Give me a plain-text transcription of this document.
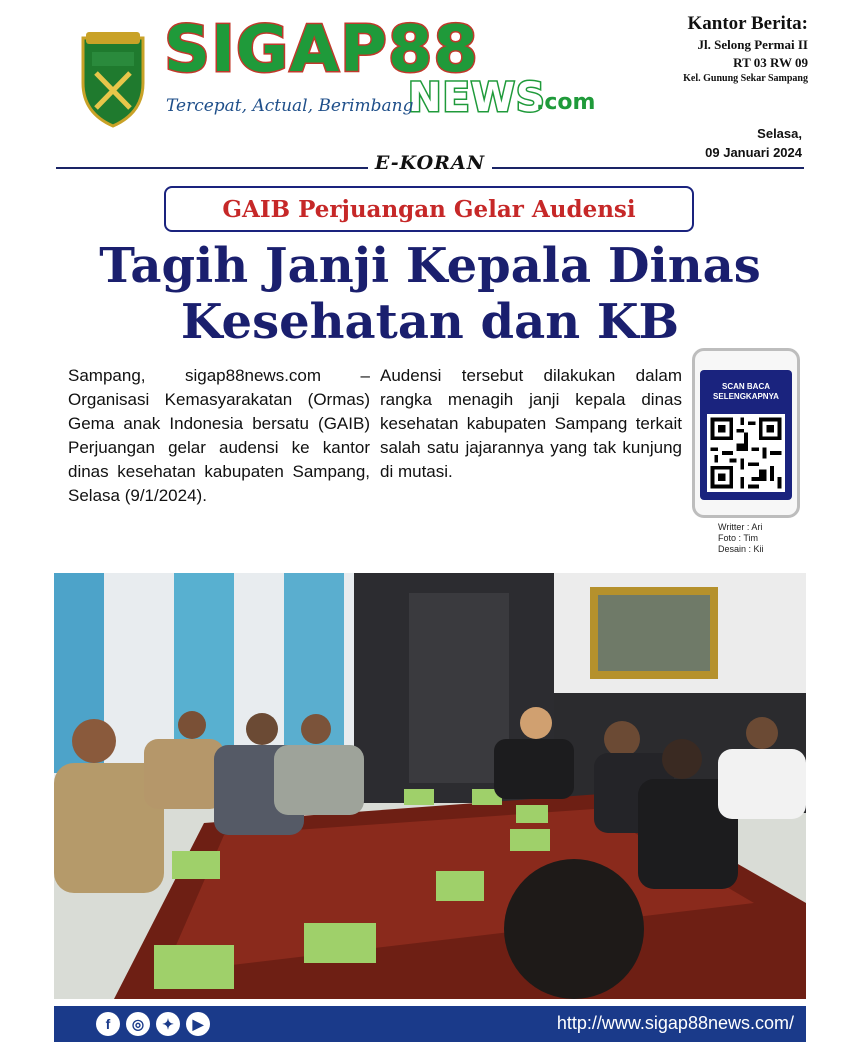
SIGAP88
NEWS
.com
Tercepat, Actual, Berimbang
Kantor Berita:
Jl. Selong Permai II
RT 03 RW 09
Kel. Gunung Sekar Sampang
Selasa,
09 Januari 2024
E-KORAN
GAIB Perjuangan Gelar Audensi
Tagih Janji Kepala Dinas
Kesehatan dan KB
Sampang, sigap88news.com – Organisasi Kemasyarakatan (Ormas) Gema anak Indonesia bersatu (GAIB) Perjuangan gelar audensi ke kantor dinas kesehatan kabupaten Sampang, Selasa (9/1/2024).
Audensi tersebut dilakukan dalam rangka menagih janji kepala dinas kesehatan kabupaten Sampang terkait salah satu jajarannya yang tak kunjung di mutasi.
SCAN BACA
SELENGKAPNYA
Writter : Ari
Foto : Tim
Desain : Kii
f	◎	✦	▶	http://www.sigap88news.com/
